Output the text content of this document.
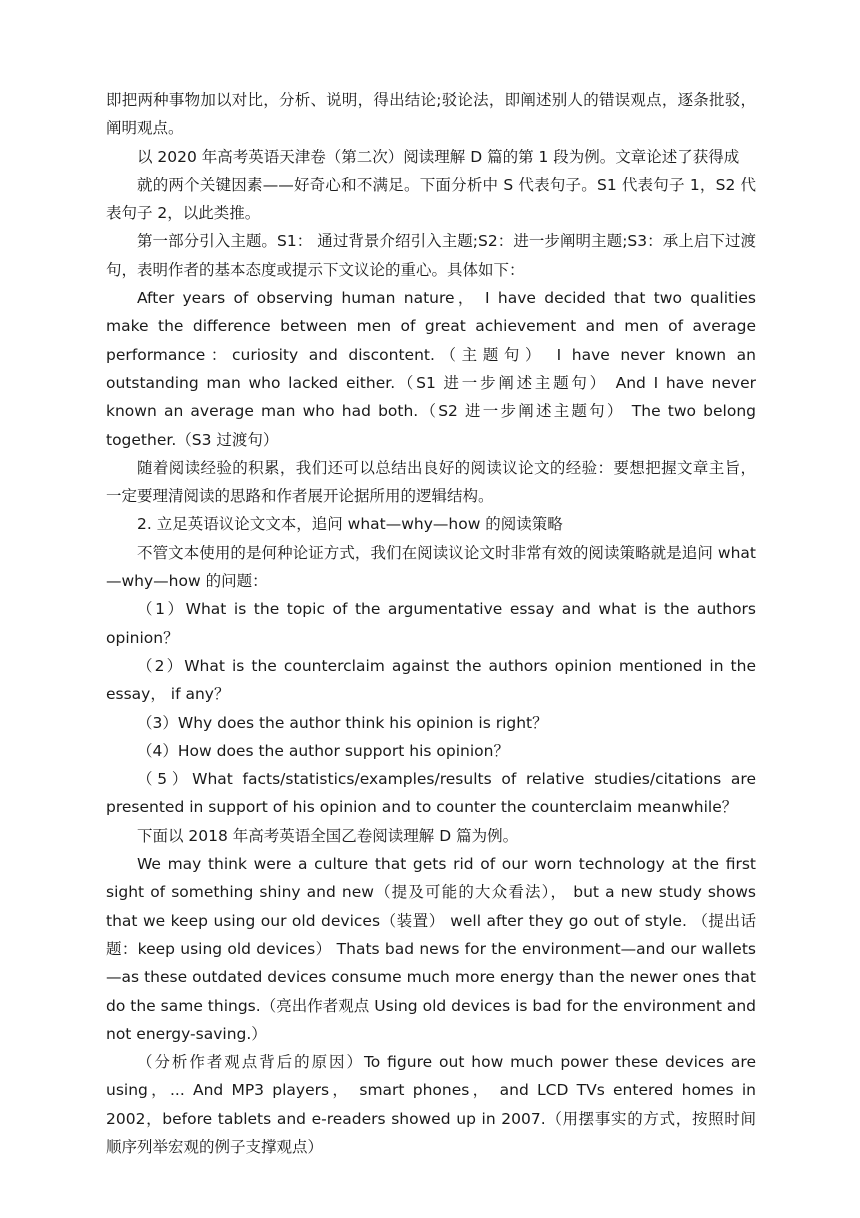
即把两种事物加以对比，分析、说明，得出结论;驳论法，即阐述别人的错误观点，逐条批驳，阐明观点。

以 2020 年高考英语天津卷（第二次）阅读理解 D 篇的第 1 段为例。文章论述了获得成

就的两个关键因素——好奇心和不满足。下面分析中 S 代表句子。S1 代表句子 1，S2 代表句子 2，以此类推。

第一部分引入主题。S1： 通过背景介绍引入主题;S2：进一步阐明主题;S3：承上启下过渡句，表明作者的基本态度或提示下文议论的重心。具体如下：

After years of observing human nature， I have decided that two qualities make the difference between men of great achievement and men of average performance：curiosity and discontent.（主题句） I have never known an outstanding man who lacked either.（S1 进一步阐述主题句） And I have never known an average man who had both.（S2 进一步阐述主题句） The two belong together.（S3 过渡句）

随着阅读经验的积累，我们还可以总结出良好的阅读议论文的经验：要想把握文章主旨，一定要理清阅读的思路和作者展开论据所用的逻辑结构。

2. 立足英语议论文文本，追问 what—why—how 的阅读策略

不管文本使用的是何种论证方式，我们在阅读议论文时非常有效的阅读策略就是追问 what—why—how 的问题：

（1）What is the topic of the argumentative essay and what is the authors opinion？

（2）What is the counterclaim against the authors opinion mentioned in the essay， if any？

（3）Why does the author think his opinion is right？

（4）How does the author support his opinion？

（5）What facts/statistics/examples/results of relative studies/citations are presented in support of his opinion and to counter the counterclaim meanwhile？

下面以 2018 年高考英语全国乙卷阅读理解 D 篇为例。

We may think were a culture that gets rid of our worn technology at the first sight of something shiny and new（提及可能的大众看法）， but a new study shows that we keep using our old devices（装置） well after they go out of style. （提出话题：keep using old devices） Thats bad news for the environment—and our wallets—as these outdated devices consume much more energy than the newer ones that do the same things.（亮出作者观点 Using old devices is bad for the environment and not energy-saving.）

（分析作者观点背后的原因）To figure out how much power these devices are using，... And MP3 players， smart phones， and LCD TVs entered homes in 2002，before tablets and e-readers showed up in 2007.（用摆事实的方式，按照时间顺序列举宏观的例子支撑观点）
